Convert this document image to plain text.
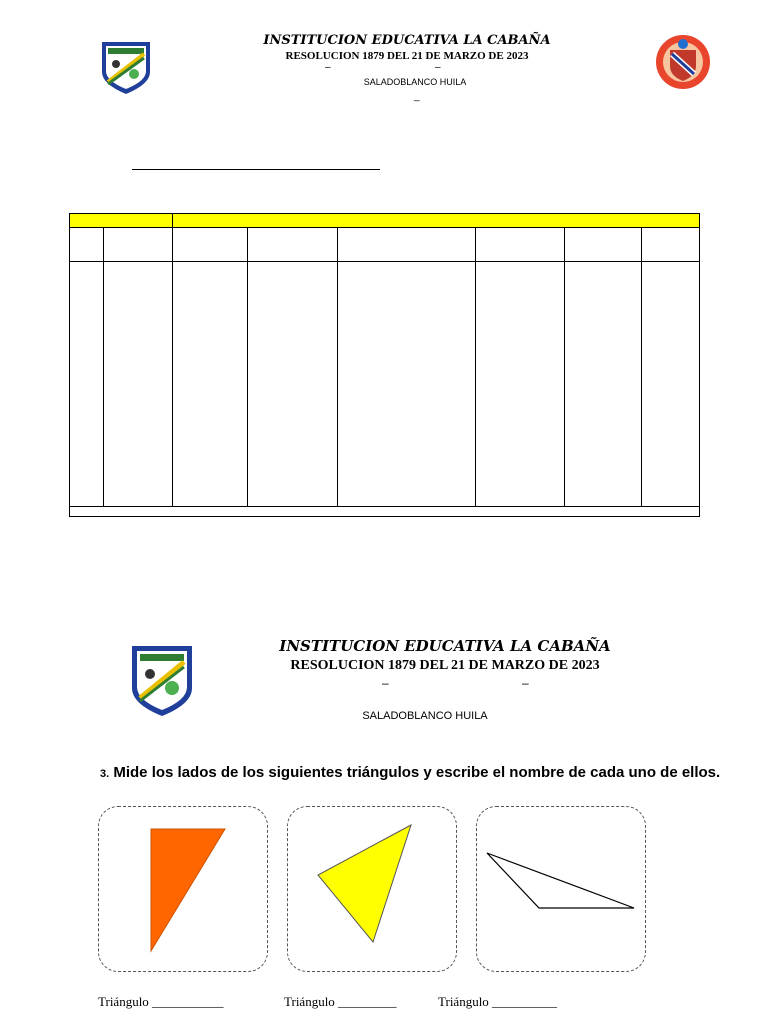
INSTITUCION EDUCATIVA LA CABAÑA
RESOLUCION 1879 DEL 21 DE MARZO DE 2023
–	–
SALADOBLANCO HUILA
_

INSTITUCION EDUCATIVA LA CABAÑA
RESOLUCION 1879 DEL 21 DE MARZO DE 2023
–	–
SALADOBLANCO HUILA
3. Mide los lados de los siguientes triángulos y escribe el nombre de cada uno de ellos.
Triángulo ___________	Triángulo _________	Triángulo __________
